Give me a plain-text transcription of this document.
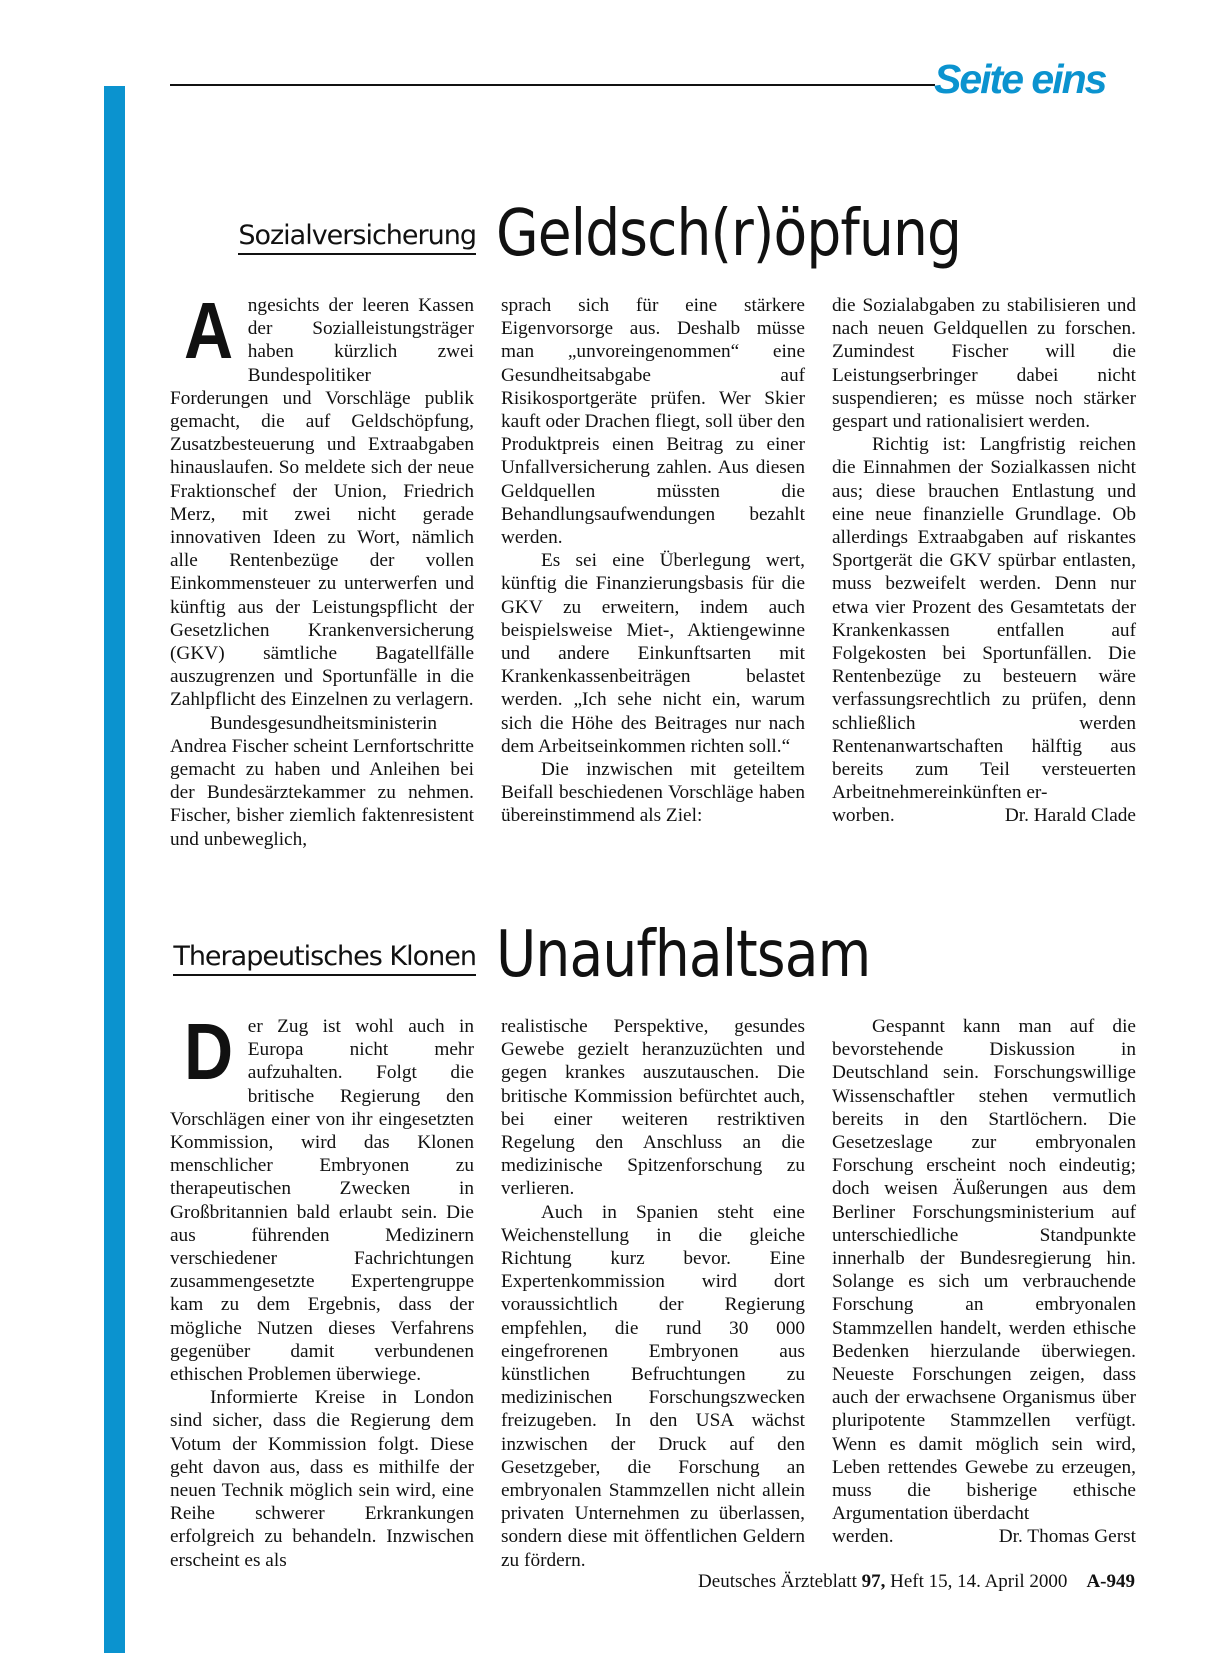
Seite eins
Sozialversicherung Geldsch(r)öpfung
A ngesichts der leeren Kassen der Sozialleistungsträger haben kürzlich zwei Bundespolitiker Forderungen und Vorschläge publik gemacht, die auf Geldschöpfung, Zusatzbesteuerung und Extraabgaben hinauslaufen. So meldete sich der neue Fraktionschef der Union, Friedrich Merz, mit zwei nicht gerade innovativen Ideen zu Wort, nämlich alle Rentenbezüge der vollen Einkommensteuer zu unterwerfen und künftig aus der Leistungspflicht der Gesetzlichen Krankenversicherung (GKV) sämtliche Bagatellfälle auszugrenzen und Sportunfälle in die Zahlpflicht des Einzelnen zu verlagern.

Bundesgesundheitsministerin Andrea Fischer scheint Lernfortschritte gemacht zu haben und Anleihen bei der Bundesärztekammer zu nehmen. Fischer, bisher ziemlich faktenresistent und unbeweglich,

sprach sich für eine stärkere Eigenvorsorge aus. Deshalb müsse man „unvoreingenommen“ eine Gesundheitsabgabe auf Risikosportgeräte prüfen. Wer Skier kauft oder Drachen fliegt, soll über den Produktpreis einen Beitrag zu einer Unfallversicherung zahlen. Aus diesen Geldquellen müssten die Behandlungsaufwendungen bezahlt werden.

Es sei eine Überlegung wert, künftig die Finanzierungsbasis für die GKV zu erweitern, indem auch beispielsweise Miet-, Aktiengewinne und andere Einkunftsarten mit Krankenkassenbeiträgen belastet werden. „Ich sehe nicht ein, warum sich die Höhe des Beitrages nur nach dem Arbeitseinkommen richten soll.“

Die inzwischen mit geteiltem Beifall beschiedenen Vorschläge haben übereinstimmend als Ziel:

die Sozialabgaben zu stabilisieren und nach neuen Geldquellen zu forschen. Zumindest Fischer will die Leistungserbringer dabei nicht suspendieren; es müsse noch stärker gespart und rationalisiert werden.

Richtig ist: Langfristig reichen die Einnahmen der Sozialkassen nicht aus; diese brauchen Entlastung und eine neue finanzielle Grundlage. Ob allerdings Extraabgaben auf riskantes Sportgerät die GKV spürbar entlasten, muss bezweifelt werden. Denn nur etwa vier Prozent des Gesamtetats der Krankenkassen entfallen auf Folgekosten bei Sportunfällen. Die Rentenbezüge zu besteuern wäre verfassungsrechtlich zu prüfen, denn schließlich werden Rentenanwartschaften hälftig aus bereits zum Teil versteuerten Arbeitnehmereinkünften er-

worben.	Dr. Harald Clade
Therapeutisches Klonen Unaufhaltsam
D er Zug ist wohl auch in Europa nicht mehr aufzuhalten. Folgt die britische Regierung den Vorschlägen einer von ihr eingesetzten Kommission, wird das Klonen menschlicher Embryonen zu therapeutischen Zwecken in Großbritannien bald erlaubt sein. Die aus führenden Medizinern verschiedener Fachrichtungen zusammengesetzte Expertengruppe kam zu dem Ergebnis, dass der mögliche Nutzen dieses Verfahrens gegenüber damit verbundenen ethischen Problemen überwiege.

Informierte Kreise in London sind sicher, dass die Regierung dem Votum der Kommission folgt. Diese geht davon aus, dass es mithilfe der neuen Technik möglich sein wird, eine Reihe schwerer Erkrankungen erfolgreich zu behandeln. Inzwischen erscheint es als

realistische Perspektive, gesundes Gewebe gezielt heranzuzüchten und gegen krankes auszutauschen. Die britische Kommission befürchtet auch, bei einer weiteren restriktiven Regelung den Anschluss an die medizinische Spitzenforschung zu verlieren.

Auch in Spanien steht eine Weichenstellung in die gleiche Richtung kurz bevor. Eine Expertenkommission wird dort voraussichtlich der Regierung empfehlen, die rund 30 000 eingefrorenen Embryonen aus künstlichen Befruchtungen zu medizinischen Forschungszwecken freizugeben. In den USA wächst inzwischen der Druck auf den Gesetzgeber, die Forschung an embryonalen Stammzellen nicht allein privaten Unternehmen zu überlassen, sondern diese mit öffentlichen Geldern zu fördern.

Gespannt kann man auf die bevorstehende Diskussion in Deutschland sein. Forschungswillige Wissenschaftler stehen vermutlich bereits in den Startlöchern. Die Gesetzeslage zur embryonalen Forschung erscheint noch eindeutig; doch weisen Äußerungen aus dem Berliner Forschungsministerium auf unterschiedliche Standpunkte innerhalb der Bundesregierung hin. Solange es sich um verbrauchende Forschung an embryonalen Stammzellen handelt, werden ethische Bedenken hierzulande überwiegen. Neueste Forschungen zeigen, dass auch der erwachsene Organismus über pluripotente Stammzellen verfügt. Wenn es damit möglich sein wird, Leben rettendes Gewebe zu erzeugen, muss die bisherige ethische Argumentation überdacht

werden.	Dr. Thomas Gerst
Deutsches Ärzteblatt 97, Heft 15, 14. April 2000 A-949
